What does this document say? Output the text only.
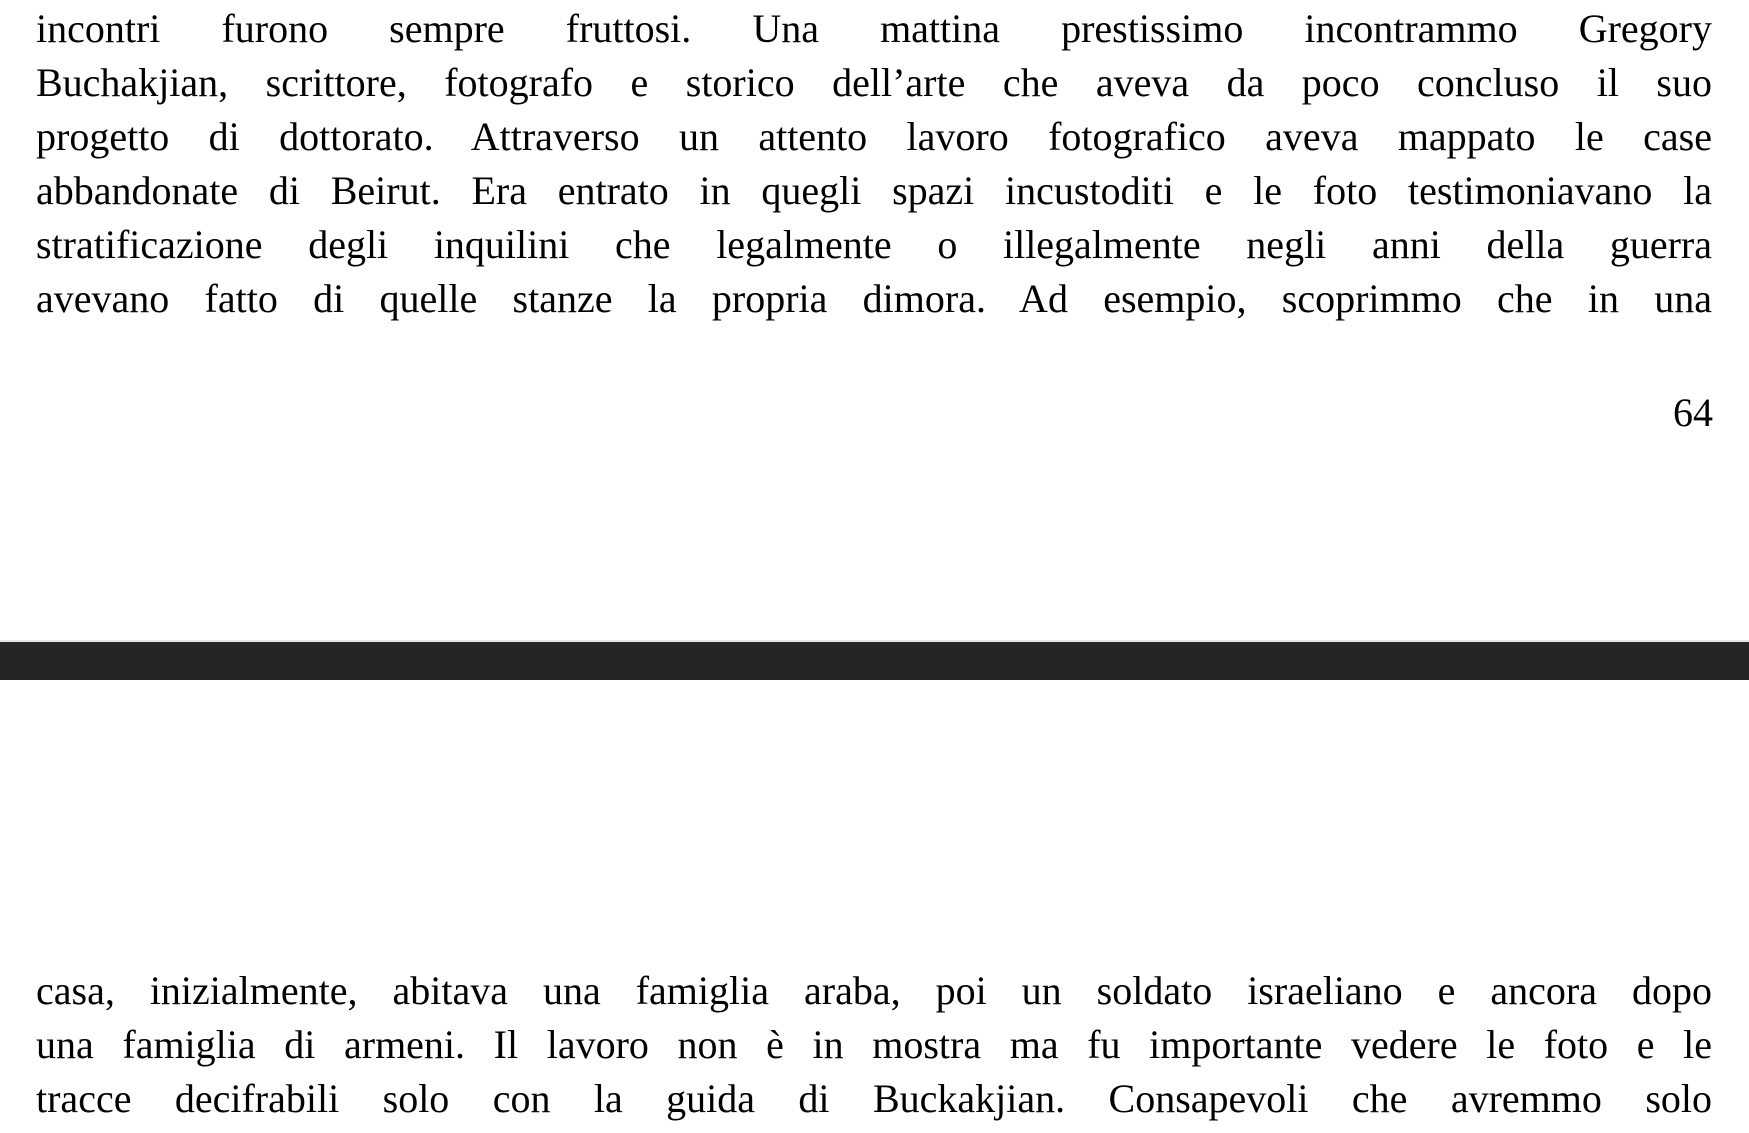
incontri furono sempre fruttosi. Una mattina prestissimo incontrammo Gregory
Buchakjian, scrittore, fotografo e storico dell’arte che aveva da poco concluso il suo
progetto di dottorato. Attraverso un attento lavoro fotografico aveva mappato le case
abbandonate di Beirut. Era entrato in quegli spazi incustoditi e le foto testimoniavano la
stratificazione degli inquilini che legalmente o illegalmente negli anni della guerra
avevano fatto di quelle stanze la propria dimora. Ad esempio, scoprimmo che in una
64
casa, inizialmente, abitava una famiglia araba, poi un soldato israeliano e ancora dopo
una famiglia di armeni. Il lavoro non è in mostra ma fu importante vedere le foto e le
tracce decifrabili solo con la guida di Buckakjian. Consapevoli che avremmo solo
